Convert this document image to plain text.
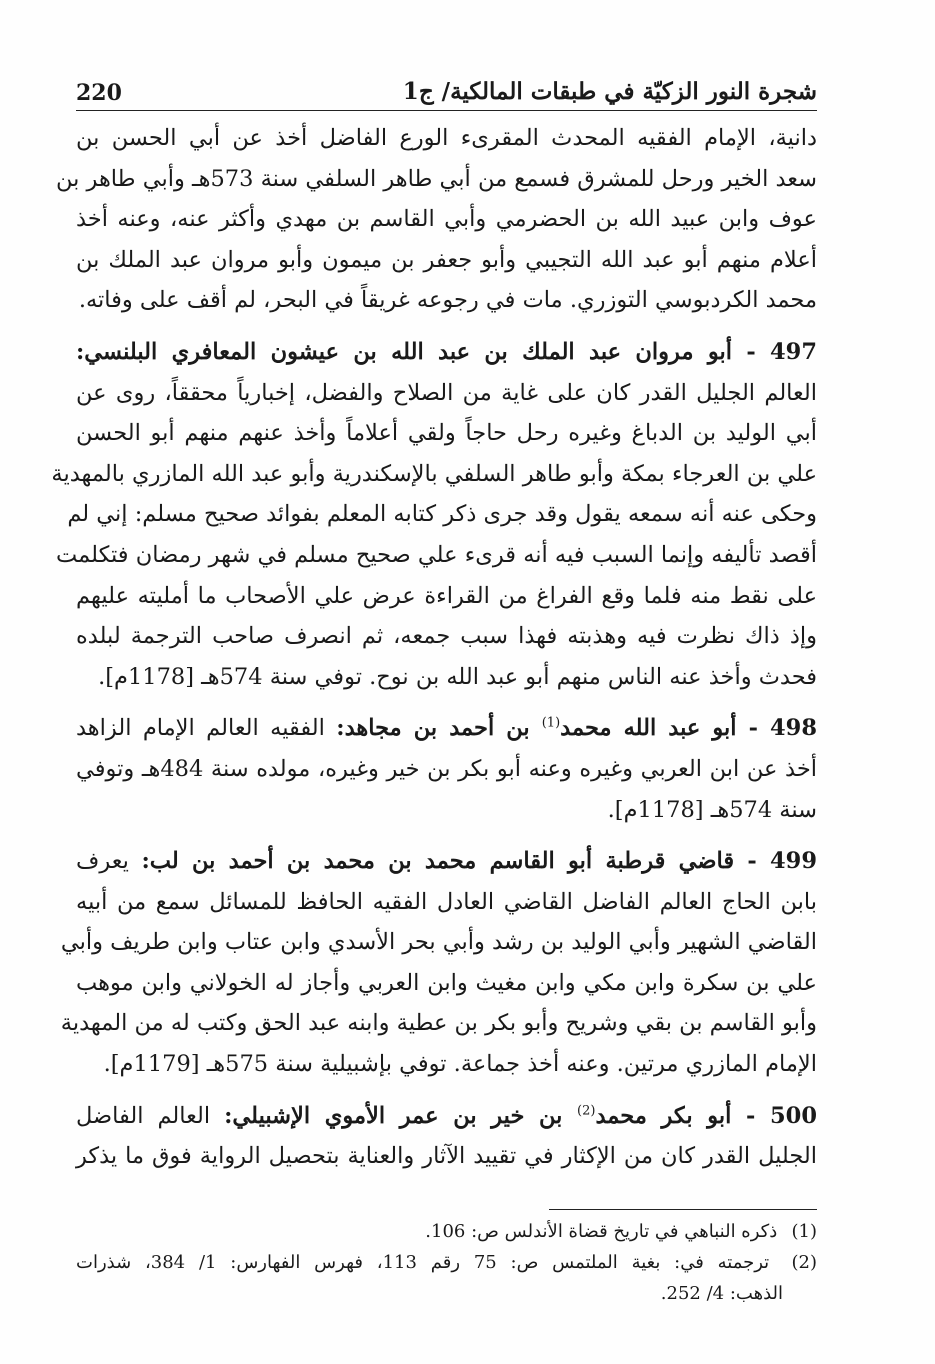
شجرة النور الزكيّة في طبقات المالكية/ ج1
220
دانية، الإمام الفقيه المحدث المقرىء الورع الفاضل أخذ عن أبي الحسن بن
سعد الخير ورحل للمشرق فسمع من أبي طاهر السلفي سنة 573هـ وأبي طاهر بن
عوف وابن عبيد الله بن الحضرمي وأبي القاسم بن مهدي وأكثر عنه، وعنه أخذ
أعلام منهم أبو عبد الله التجيبي وأبو جعفر بن ميمون وأبو مروان عبد الملك بن
محمد الكردبوسي التوزري. مات في رجوعه غريقاً في البحر، لم أقف على وفاته.
497 - أبو مروان عبد الملك بن عبد الله بن عيشون المعافري البلنسي:
العالم الجليل القدر كان على غاية من الصلاح والفضل، إخبارياً محققاً، روى عن
أبي الوليد بن الدباغ وغيره رحل حاجاً ولقي أعلاماً وأخذ عنهم منهم أبو الحسن
علي بن العرجاء بمكة وأبو طاهر السلفي بالإسكندرية وأبو عبد الله المازري بالمهدية
وحكى عنه أنه سمعه يقول وقد جرى ذكر كتابه المعلم بفوائد صحيح مسلم: إني لم
أقصد تأليفه وإنما السبب فيه أنه قرىء علي صحيح مسلم في شهر رمضان فتكلمت
على نقط منه فلما وقع الفراغ من القراءة عرض علي الأصحاب ما أمليته عليهم
وإذ ذاك نظرت فيه وهذبته فهذا سبب جمعه، ثم انصرف صاحب الترجمة لبلده
فحدث وأخذ عنه الناس منهم أبو عبد الله بن نوح. توفي سنة 574هـ [1178م].
498 - أبو عبد الله محمد$^{(1)}$ بن أحمد بن مجاهد: الفقيه العالم الإمام الزاهد
أخذ عن ابن العربي وغيره وعنه أبو بكر بن خير وغيره، مولده سنة 484هـ وتوفي
سنة 574هـ [1178م].
499 - قاضي قرطبة أبو القاسم محمد بن محمد بن أحمد بن لب: يعرف
بابن الحاج العالم الفاضل القاضي العادل الفقيه الحافظ للمسائل سمع من أبيه
القاضي الشهير وأبي الوليد بن رشد وأبي بحر الأسدي وابن عتاب وابن طريف وأبي
علي بن سكرة وابن مكي وابن مغيث وابن العربي وأجاز له الخولاني وابن موهب
وأبو القاسم بن بقي وشريح وأبو بكر بن عطية وابنه عبد الحق وكتب له من المهدية
الإمام المازري مرتين. وعنه أخذ جماعة. توفي بإشبيلية سنة 575هـ [1179م].
500 - أبو بكر محمد$^{(2)}$ بن خير بن عمر الأموي الإشبيلي: العالم الفاضل
الجليل القدر كان من الإكثار في تقييد الآثار والعناية بتحصيل الرواية فوق ما يذكر
(1) ذكره النباهي في تاريخ قضاة الأندلس ص: 106.
(2) ترجمته في: بغية الملتمس ص: 75 رقم 113، فهرس الفهارس: 1/ 384، شذرات
الذهب: 4/ 252.
